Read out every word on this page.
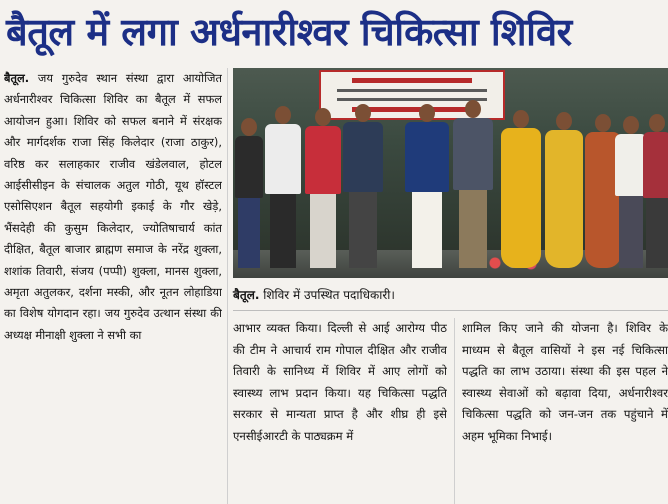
बैतूल में लगा अर्धनारीश्वर चिकित्सा शिविर

बैतूल. जय गुरुदेव स्थान संस्था द्वारा आयोजित अर्धनारीश्वर चिकित्सा शिविर का बैतूल में सफल आयोजन हुआ। शिविर को सफल बनाने में संरक्षक और मार्गदर्शक राजा सिंह किलेदार (राजा ठाकुर), वरिष्ठ कर सलाहकार राजीव खंडेलवाल, होटल आईसीसीइन के संचालक अतुल गोठी, यूथ हॉस्टल एसोसिएशन बैतूल सहयोगी इकाई के गौर खेड़े, भैंसदेही की कुसुम किलेदार, ज्योतिषाचार्य कांत दीक्षित, बैतूल बाजार ब्राह्मण समाज के नरेंद्र शुक्ला, शशांक तिवारी, संजय (पप्पी) शुक्ला, मानस शुक्ला, अमृता अतुलकर, दर्शना मस्की, और नूतन लोहाडिया का विशेष योगदान रहा। जय गुरुदेव उत्थान संस्था की अध्यक्ष मीनाक्षी शुक्ला ने सभी का

बैतूल. शिविर में उपस्थित पदाधिकारी।

आभार व्यक्त किया। दिल्ली से आई आरोग्य पीठ की टीम ने आचार्य राम गोपाल दीक्षित और राजीव तिवारी के सानिध्य में शिविर में आए लोगों को स्वास्थ्य लाभ प्रदान किया। यह चिकित्सा पद्धति सरकार से मान्यता प्राप्त है और शीघ्र ही इसे एनसीईआरटी के पाठ्यक्रम में

शामिल किए जाने की योजना है। शिविर के माध्यम से बैतूल वासियों ने इस नई चिकित्सा पद्धति का लाभ उठाया। संस्था की इस पहल ने स्वास्थ्य सेवाओं को बढ़ावा दिया, अर्धनारीश्वर चिकित्सा पद्धति को जन-जन तक पहुंचाने में अहम भूमिका निभाई।
